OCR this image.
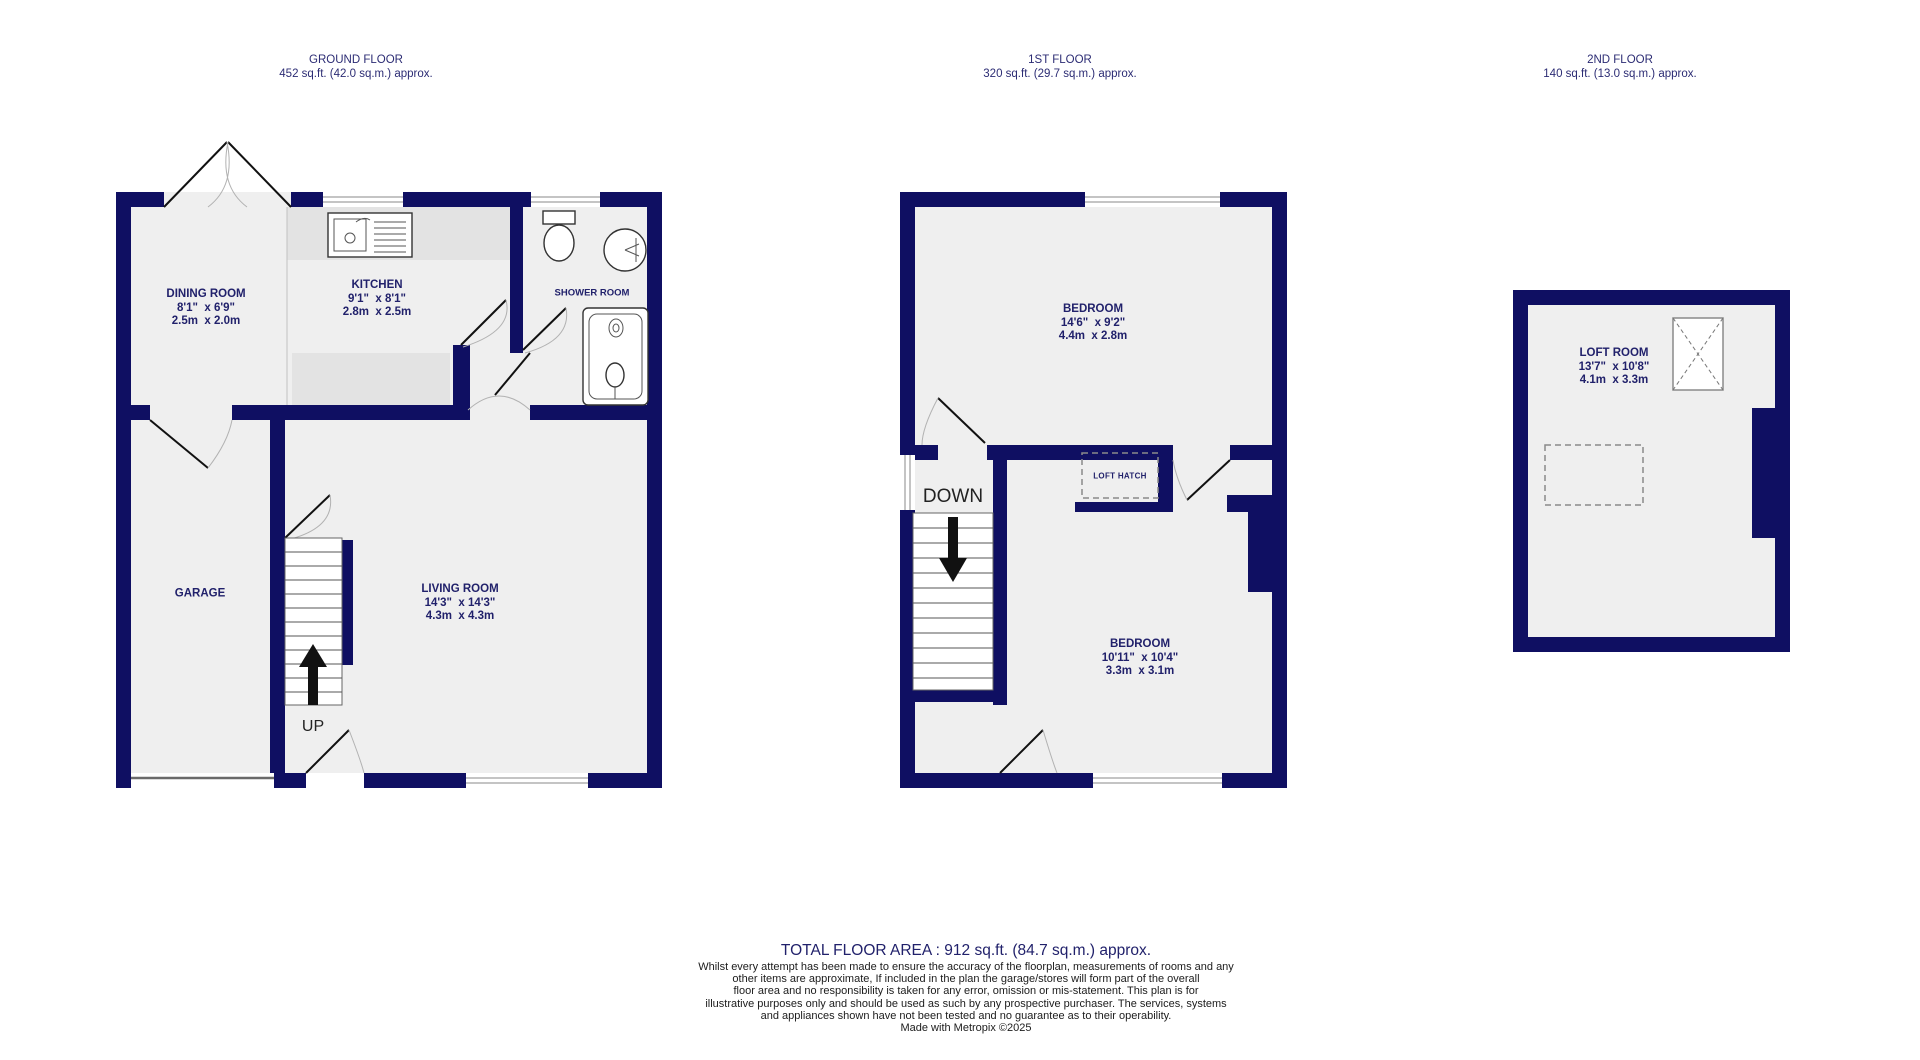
GROUND FLOOR
452 sq.ft. (42.0 sq.m.) approx.
1ST FLOOR
320 sq.ft. (29.7 sq.m.) approx.
2ND FLOOR
140 sq.ft. (13.0 sq.m.) approx.
DINING ROOM
8'1"  x 6'9"
2.5m  x 2.0m
KITCHEN
9'1"  x 8'1"
2.8m  x 2.5m
SHOWER ROOM
GARAGE	LIVING ROOM
14'3"  x 14'3"
4.3m  x 4.3m
BEDROOM
14'6"  x 9'2"
4.4m  x 2.8m
BEDROOM
10'11"  x 10'4"
3.3m  x 3.1m
LOFT ROOM
13'7"  x 10'8"
4.1m  x 3.3m
LOFT HATCH
UP
DOWN
TOTAL FLOOR AREA : 912 sq.ft. (84.7 sq.m.) approx.
Whilst every attempt has been made to ensure the accuracy of the floorplan, measurements of rooms and any
other items are approximate, If included in the plan the garage/stores will form part of the overall
floor area and no responsibility is taken for any error, omission or mis-statement. This plan is for
illustrative purposes only and should be used as such by any prospective purchaser. The services, systems
and appliances shown have not been tested and no guarantee as to their operability.
Made with Metropix ©2025
